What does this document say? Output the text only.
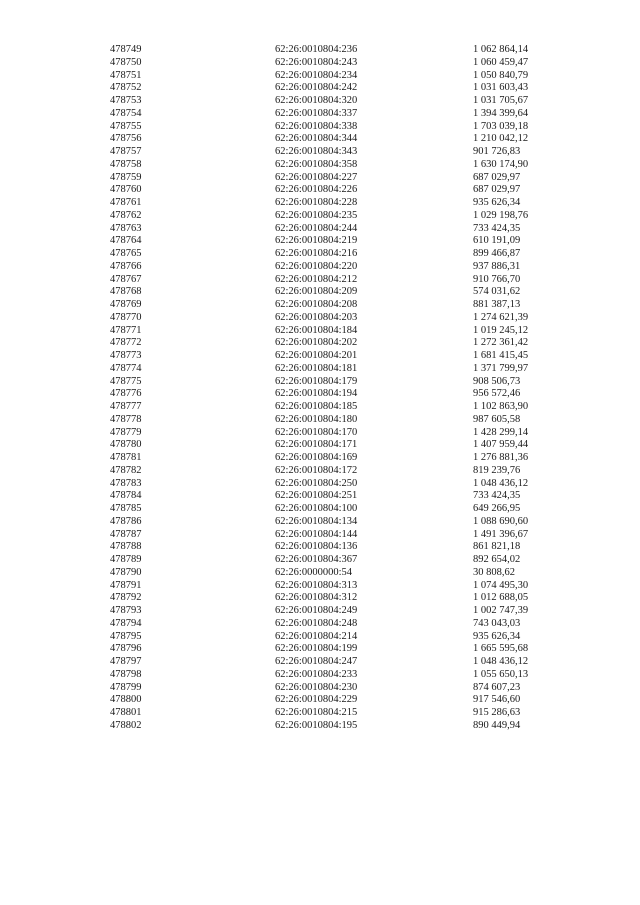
478749	62:26:0010804:236	1 062 864,14
478750	62:26:0010804:243	1 060 459,47
478751	62:26:0010804:234	1 050 840,79
478752	62:26:0010804:242	1 031 603,43
478753	62:26:0010804:320	1 031 705,67
478754	62:26:0010804:337	1 394 399,64
478755	62:26:0010804:338	1 703 039,18
478756	62:26:0010804:344	1 210 042,12
478757	62:26:0010804:343	901 726,83
478758	62:26:0010804:358	1 630 174,90
478759	62:26:0010804:227	687 029,97
478760	62:26:0010804:226	687 029,97
478761	62:26:0010804:228	935 626,34
478762	62:26:0010804:235	1 029 198,76
478763	62:26:0010804:244	733 424,35
478764	62:26:0010804:219	610 191,09
478765	62:26:0010804:216	899 466,87
478766	62:26:0010804:220	937 886,31
478767	62:26:0010804:212	910 766,70
478768	62:26:0010804:209	574 031,62
478769	62:26:0010804:208	881 387,13
478770	62:26:0010804:203	1 274 621,39
478771	62:26:0010804:184	1 019 245,12
478772	62:26:0010804:202	1 272 361,42
478773	62:26:0010804:201	1 681 415,45
478774	62:26:0010804:181	1 371 799,97
478775	62:26:0010804:179	908 506,73
478776	62:26:0010804:194	956 572,46
478777	62:26:0010804:185	1 102 863,90
478778	62:26:0010804:180	987 605,58
478779	62:26:0010804:170	1 428 299,14
478780	62:26:0010804:171	1 407 959,44
478781	62:26:0010804:169	1 276 881,36
478782	62:26:0010804:172	819 239,76
478783	62:26:0010804:250	1 048 436,12
478784	62:26:0010804:251	733 424,35
478785	62:26:0010804:100	649 266,95
478786	62:26:0010804:134	1 088 690,60
478787	62:26:0010804:144	1 491 396,67
478788	62:26:0010804:136	861 821,18
478789	62:26:0010804:367	892 654,02
478790	62:26:0000000:54	30 808,62
478791	62:26:0010804:313	1 074 495,30
478792	62:26:0010804:312	1 012 688,05
478793	62:26:0010804:249	1 002 747,39
478794	62:26:0010804:248	743 043,03
478795	62:26:0010804:214	935 626,34
478796	62:26:0010804:199	1 665 595,68
478797	62:26:0010804:247	1 048 436,12
478798	62:26:0010804:233	1 055 650,13
478799	62:26:0010804:230	874 607,23
478800	62:26:0010804:229	917 546,60
478801	62:26:0010804:215	915 286,63
478802	62:26:0010804:195	890 449,94
